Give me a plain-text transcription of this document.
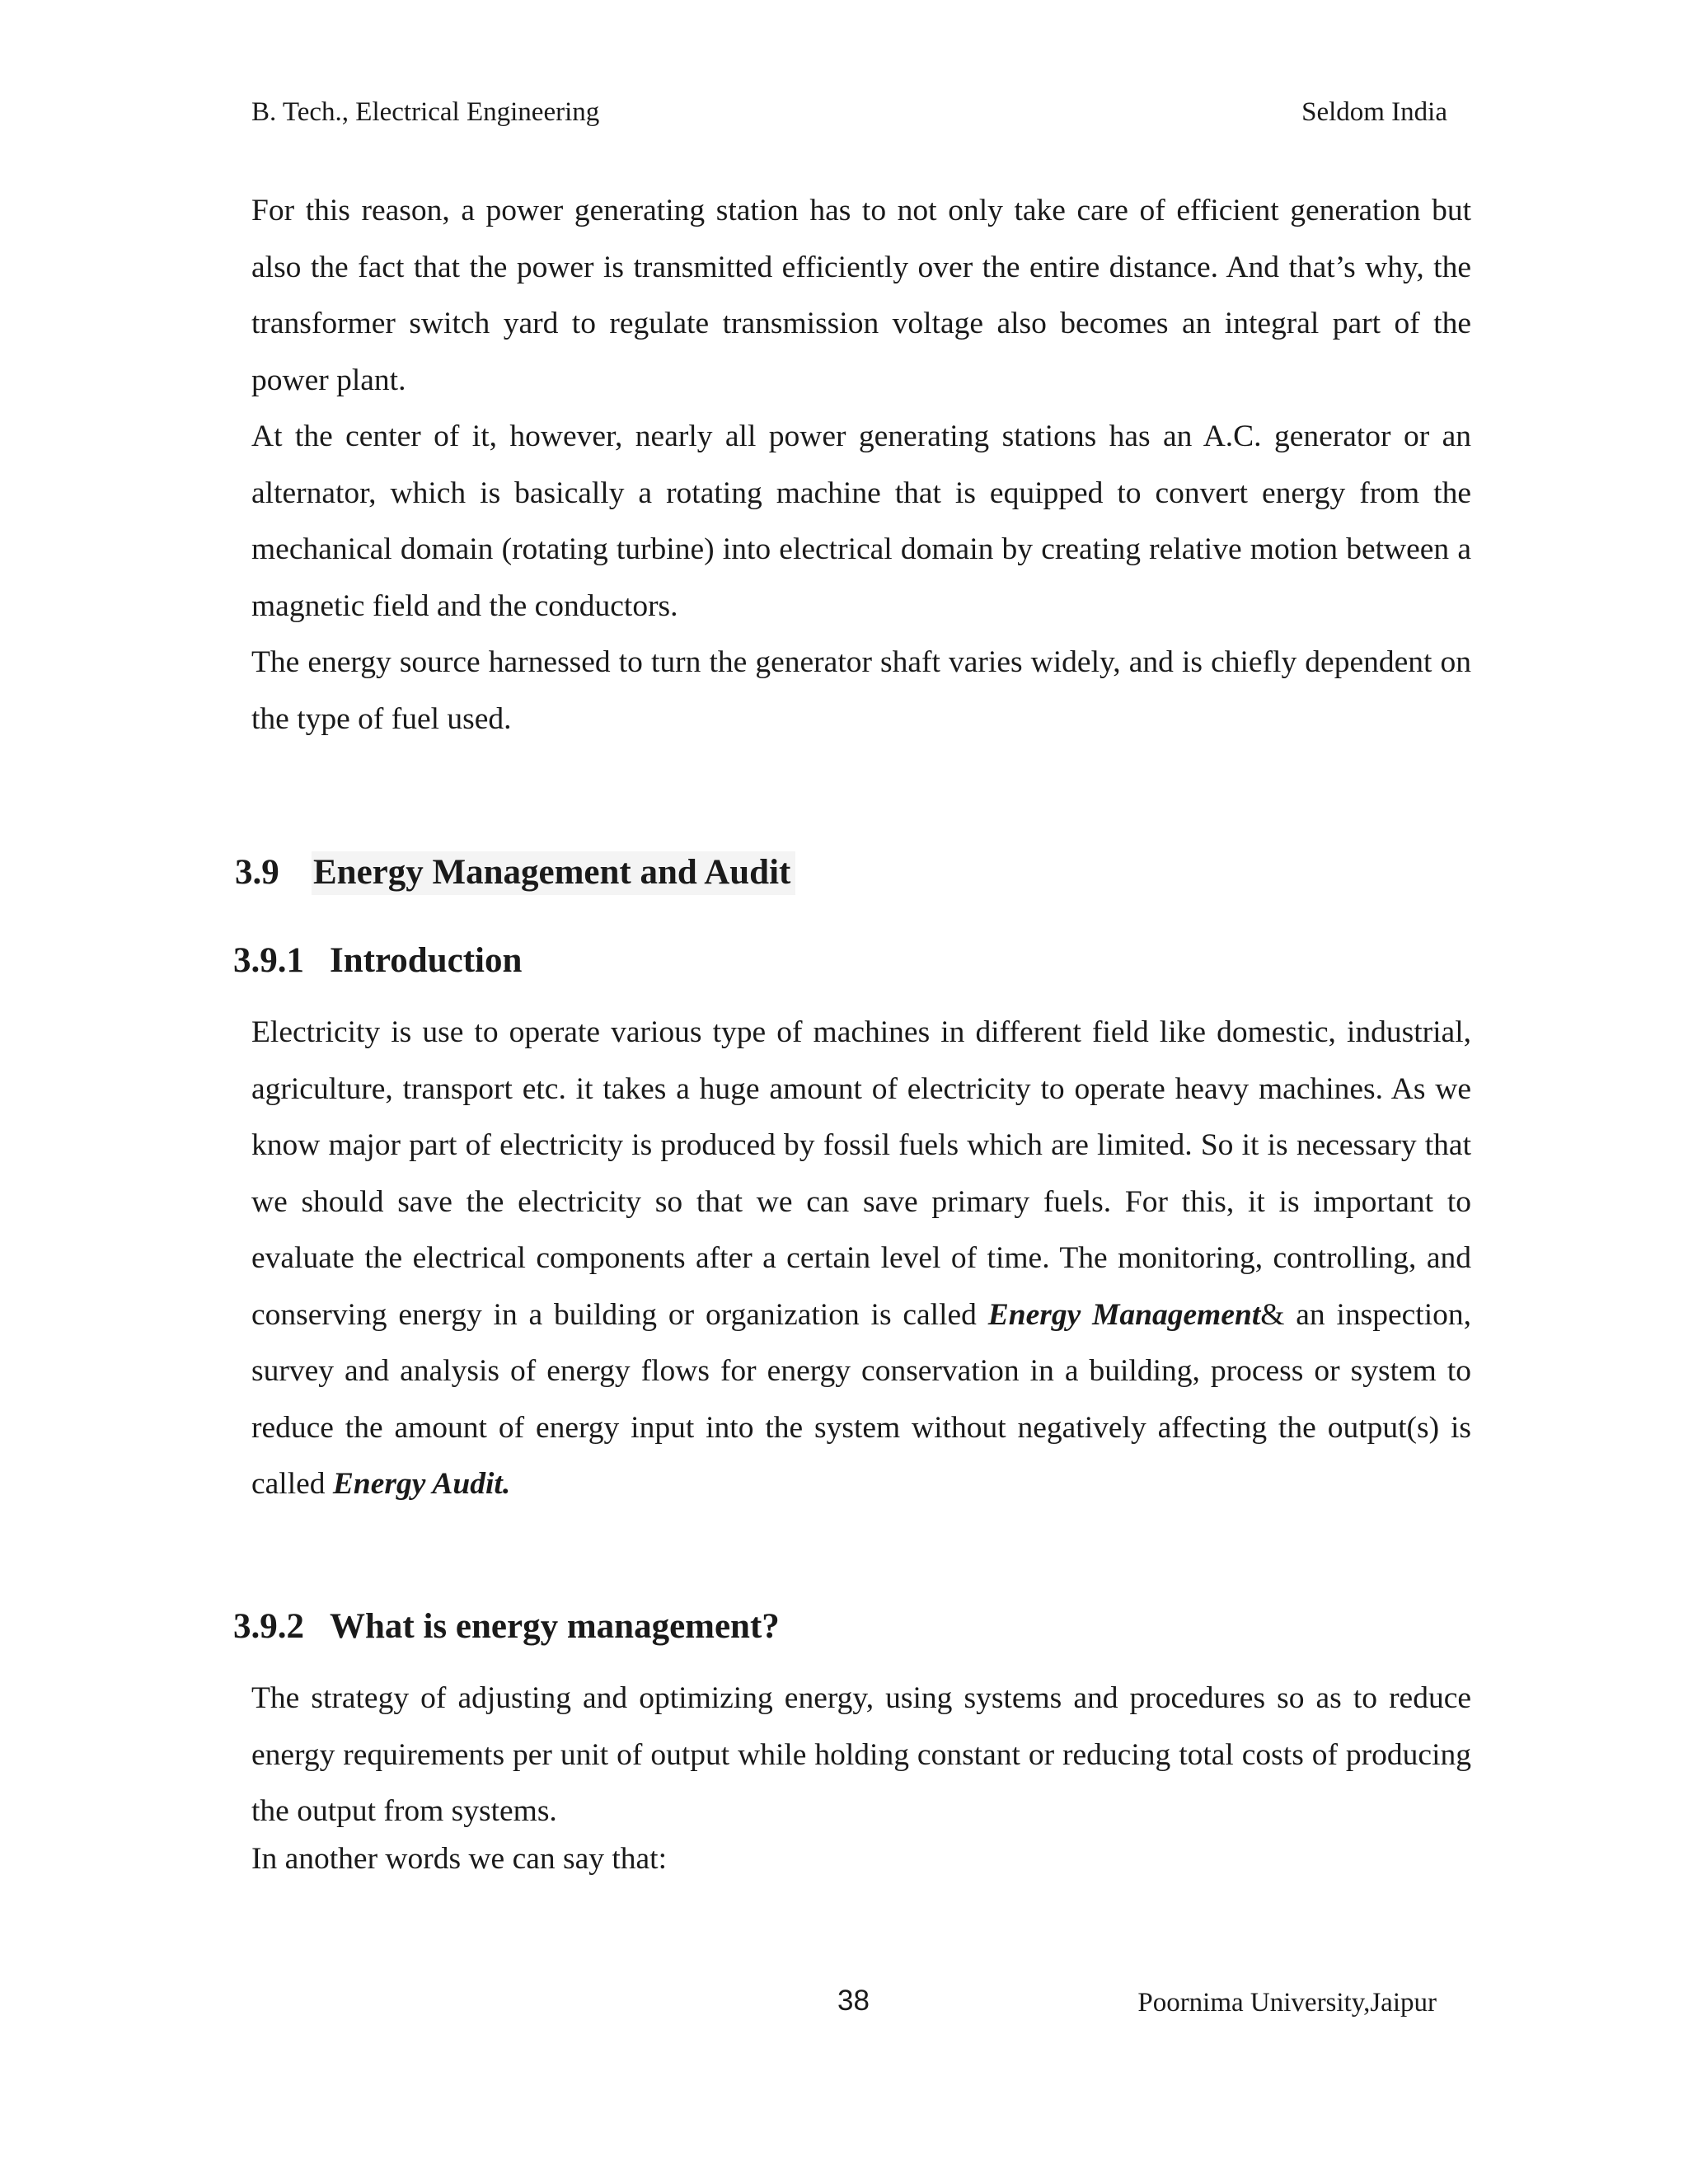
B. Tech., Electrical Engineering	Seldom India

For this reason, a power generating station has to not only take care of efficient generation but also the fact that the power is transmitted efficiently over the entire distance. And that’s why, the transformer switch yard to regulate transmission voltage also becomes an integral part of the power plant.

At the center of it, however, nearly all power generating stations has an A.C. generator or an alternator, which is basically a rotating machine that is equipped to convert energy from the mechanical domain (rotating turbine) into electrical domain by creating relative motion between a magnetic field and the conductors.

The energy source harnessed to turn the generator shaft varies widely, and is chiefly dependent on the type of fuel used.

3.9 Energy Management and Audit
3.9.1 Introduction

Electricity is use to operate various type of machines in different field like domestic, industrial, agriculture, transport etc. it takes a huge amount of electricity to operate heavy machines. As we know major part of electricity is produced by fossil fuels which are limited. So it is necessary that we should save the electricity so that we can save primary fuels. For this, it is important to evaluate the electrical components after a certain level of time. The monitoring, controlling, and conserving energy in a building or organization is called Energy Management& an inspection, survey and analysis of energy flows for energy conservation in a building, process or system to reduce the amount of energy input into the system without negatively affecting the output(s) is called Energy Audit.

3.9.2 What is energy management?

The strategy of adjusting and optimizing energy, using systems and procedures so as to reduce energy requirements per unit of output while holding constant or reducing total costs of producing the output from systems.

In another words we can say that:

38	Poornima University,Jaipur
